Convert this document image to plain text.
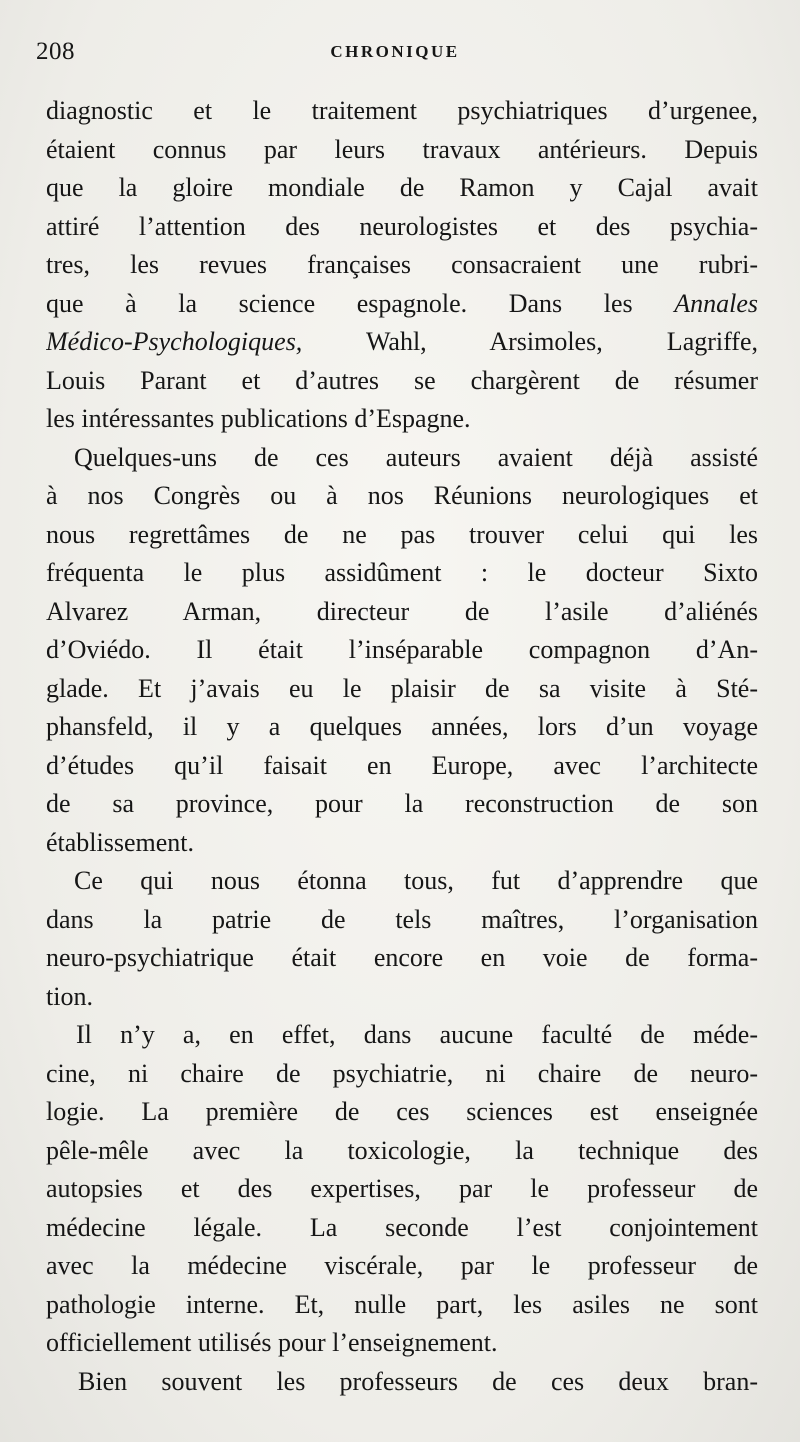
208	CHRONIQUE
diagnostic et le traitement psychiatriques d’urgenee,
étaient connus par leurs travaux antérieurs. Depuis
que la gloire mondiale de Ramon y Cajal avait
attiré l’attention des neurologistes et des psychia-
tres, les revues françaises consacraient une rubri-
que à la science espagnole. Dans les Annales
Médico-Psychologiques, Wahl, Arsimoles, Lagriffe,
Louis Parant et d’autres se chargèrent de résumer
les intéressantes publications d’Espagne.
Quelques-uns de ces auteurs avaient déjà assisté
à nos Congrès ou à nos Réunions neurologiques et
nous regrettâmes de ne pas trouver celui qui les
fréquenta le plus assidûment : le docteur Sixto
Alvarez Arman, directeur de l’asile d’aliénés
d’Oviédo. Il était l’inséparable compagnon d’An-
glade. Et j’avais eu le plaisir de sa visite à Sté-
phansfeld, il y a quelques années, lors d’un voyage
d’études qu’il faisait en Europe, avec l’architecte
de sa province, pour la reconstruction de son
établissement.
Ce qui nous étonna tous, fut d’apprendre que
dans la patrie de tels maîtres, l’organisation
neuro-psychiatrique était encore en voie de forma-
tion.
Il n’y a, en effet, dans aucune faculté de méde-
cine, ni chaire de psychiatrie, ni chaire de neuro-
logie. La première de ces sciences est enseignée
pêle-mêle avec la toxicologie, la technique des
autopsies et des expertises, par le professeur de
médecine légale. La seconde l’est conjointement
avec la médecine viscérale, par le professeur de
pathologie interne. Et, nulle part, les asiles ne sont
officiellement utilisés pour l’enseignement.
Bien souvent les professeurs de ces deux bran-
